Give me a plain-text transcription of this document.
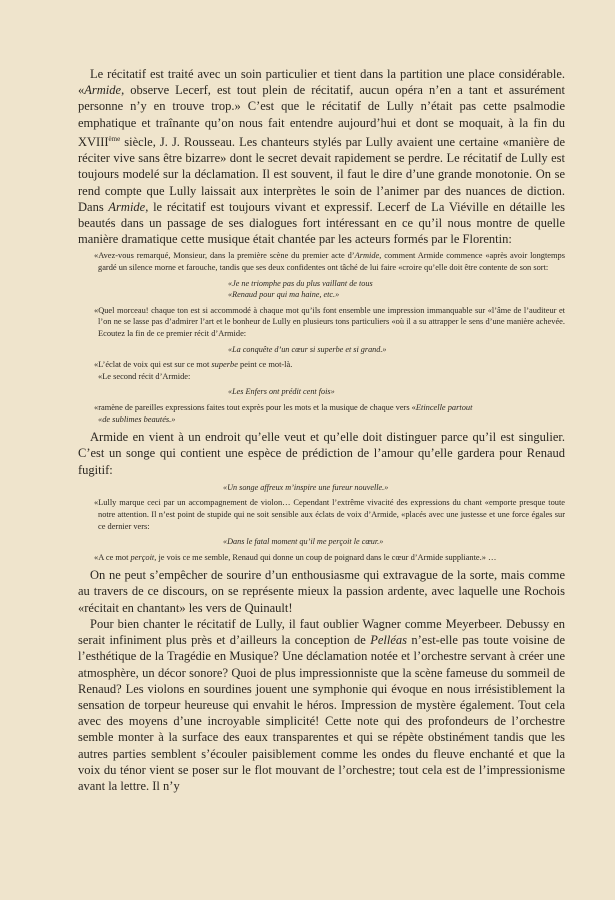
Le récitatif est traité avec un soin particulier et tient dans la partition une place considérable. «Armide, observe Lecerf, est tout plein de récitatif, aucun opéra n’en a tant et assurément personne n’y en trouve trop.» C’est que le récitatif de Lully n’était pas cette psalmodie emphatique et traînante qu’on nous fait entendre aujourd’hui et dont se moquait, à la fin du XVIIIème siècle, J. J. Rousseau. Les chanteurs stylés par Lully avaient une certaine «manière de réciter vive sans être bizarre» dont le secret devait rapidement se perdre. Le récitatif de Lully est toujours modelé sur la déclamation. Il est souvent, il faut le dire d’une grande monotonie. On se rend compte que Lully laissait aux interprètes le soin de l’animer par des nuances de diction. Dans Armide, le récitatif est toujours vivant et expressif. Lecerf de La Viéville en détaille les beautés dans un passage de ses dialogues fort intéressant en ce qu’il nous montre de quelle manière dramatique cette musique était chantée par les acteurs formés par le Florentin:

«Avez-vous remarqué, Monsieur, dans la première scène du premier acte d’Armide, comment Armide commence «après avoir longtemps gardé un silence morne et farouche, tandis que ses deux confidentes ont tâché de lui faire «croire qu’elle doit être contente de son sort:

«Je ne triomphe pas du plus vaillant de tous
«Renaud pour qui ma haine, etc.»

«Quel morceau! chaque ton est si accommodé à chaque mot qu’ils font ensemble une impression immanquable sur «l’âme de l’auditeur et l’on ne se lasse pas d’admirer l’art et le bonheur de Lully en plusieurs tons particuliers «où il a su attrapper le sens d’une manière achevée. Ecoutez la fin de ce premier récit d’Armide:

«La conquête d’un cœur si superbe et si grand.»

«L’éclat de voix qui est sur ce mot superbe peint ce mot-là.
«Le second récit d’Armide:

«Les Enfers ont prédit cent fois»

«ramène de pareilles expressions faites tout exprès pour les mots et la musique de chaque vers «Etincelle partout
«de sublimes beautés.»

Armide en vient à un endroit qu’elle veut et qu’elle doit distinguer parce qu’il est singulier. C’est un songe qui contient une espèce de prédiction de l’amour qu’elle gardera pour Renaud fugitif:

«Un songe affreux m’inspire une fureur nouvelle.»

«Lully marque ceci par un accompagnement de violon… Cependant l’extrême vivacité des expressions du chant «emporte presque toute notre attention. Il n’est point de stupide qui ne soit sensible aux éclats de voix d’Armide, «placés avec une justesse et une force égales sur ce dernier vers:

«Dans le fatal moment qu’il me perçoit le cœur.»

«A ce mot perçoit, je vois ce me semble, Renaud qui donne un coup de poignard dans le cœur d’Armide suppliante.» …

On ne peut s’empêcher de sourire d’un enthousiasme qui extravague de la sorte, mais comme au travers de ce discours, on se représente mieux la passion ardente, avec laquelle une Rochois «récitait en chantant» les vers de Quinault!

Pour bien chanter le récitatif de Lully, il faut oublier Wagner comme Meyerbeer. Debussy en serait infiniment plus près et d’ailleurs la conception de Pelléas n’est-elle pas toute voisine de l’esthétique de la Tragédie en Musique? Une déclamation notée et l’orchestre servant à créer une atmosphère, un décor sonore? Quoi de plus impressionniste que la scène fameuse du sommeil de Renaud? Les violons en sourdines jouent une symphonie qui évoque en nous irrésistiblement la sensation de torpeur heureuse qui envahit le héros. Impression de mystère également. Tout cela avec des moyens d’une incroyable simplicité! Cette note qui des profondeurs de l’orchestre semble monter à la surface des eaux transparentes et qui se répète obstinément tandis que les autres parties semblent s’écouler paisiblement comme les ondes du fleuve enchanté et que la voix du ténor vient se poser sur le flot mouvant de l’orchestre; tout cela est de l’impressionisme avant la lettre. Il n’y
